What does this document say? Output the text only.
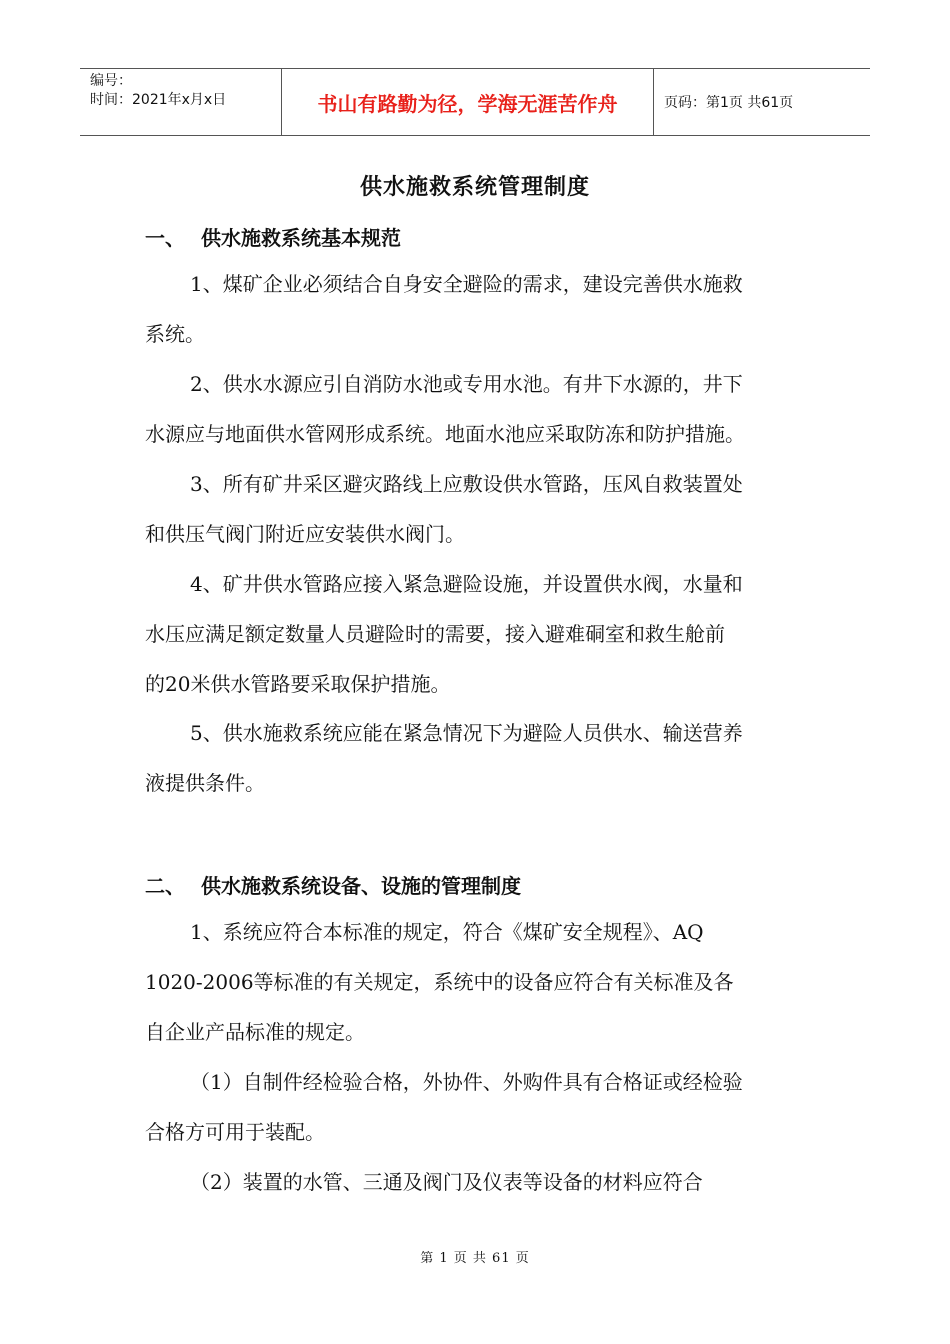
编号：
时间：2021年x月x日	书山有路勤为径，学海无涯苦作舟	页码：第1页 共61页
供水施救系统管理制度
一、 供水施救系统基本规范
1、煤矿企业必须结合自身安全避险的需求，建设完善供水施救
系统。
2、供水水源应引自消防水池或专用水池。有井下水源的，井下
水源应与地面供水管网形成系统。地面水池应采取防冻和防护措施。
3、所有矿井采区避灾路线上应敷设供水管路，压风自救装置处
和供压气阀门附近应安装供水阀门。
4、矿井供水管路应接入紧急避险设施，并设置供水阀，水量和
水压应满足额定数量人员避险时的需要，接入避难硐室和救生舱前
的20米供水管路要采取保护措施。
5、供水施救系统应能在紧急情况下为避险人员供水、输送营养
液提供条件。
二、 供水施救系统设备、设施的管理制度
1、系统应符合本标准的规定，符合《煤矿安全规程》、AQ
1020-2006等标准的有关规定，系统中的设备应符合有关标准及各
自企业产品标准的规定。
（1）自制件经检验合格，外协件、外购件具有合格证或经检验
合格方可用于装配。
（2）装置的水管、三通及阀门及仪表等设备的材料应符合
第 1 页 共 61 页
